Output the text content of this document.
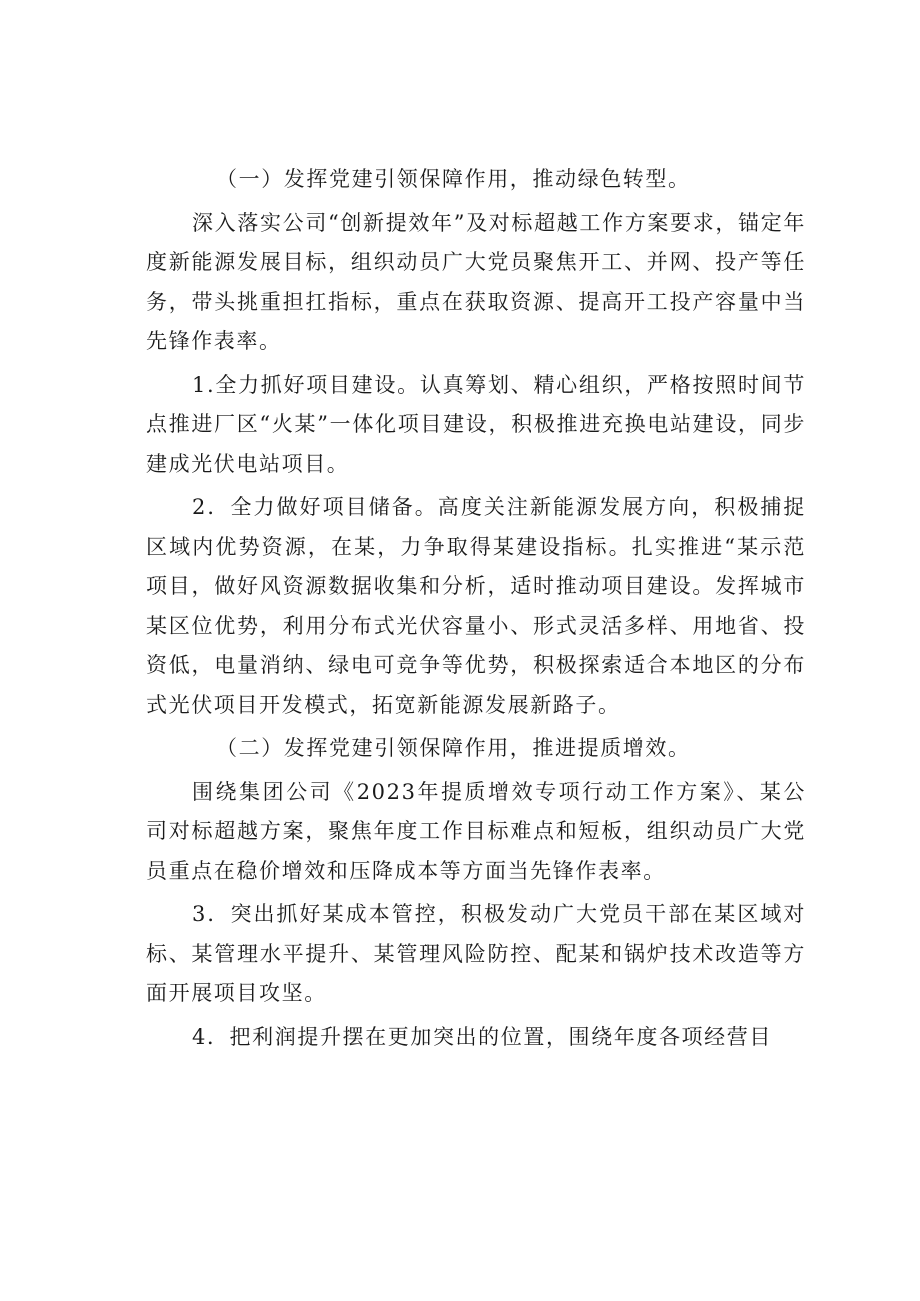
（一）发挥党建引领保障作用，推动绿色转型。

深入落实公司“创新提效年”及对标超越工作方案要求，锚定年度新能源发展目标，组织动员广大党员聚焦开工、并网、投产等任务，带头挑重担扛指标，重点在获取资源、提高开工投产容量中当先锋作表率。

1.全力抓好项目建设。认真筹划、精心组织，严格按照时间节点推进厂区“火某”一体化项目建设，积极推进充换电站建设，同步建成光伏电站项目。

2．全力做好项目储备。高度关注新能源发展方向，积极捕捉区域内优势资源，在某，力争取得某建设指标。扎实推进“某示范项目，做好风资源数据收集和分析，适时推动项目建设。发挥城市某区位优势，利用分布式光伏容量小、形式灵活多样、用地省、投资低，电量消纳、绿电可竞争等优势，积极探索适合本地区的分布式光伏项目开发模式，拓宽新能源发展新路子。

（二）发挥党建引领保障作用，推进提质增效。

围绕集团公司《2023年提质增效专项行动工作方案》、某公司对标超越方案，聚焦年度工作目标难点和短板，组织动员广大党员重点在稳价增效和压降成本等方面当先锋作表率。

3．突出抓好某成本管控，积极发动广大党员干部在某区域对标、某管理水平提升、某管理风险防控、配某和锅炉技术改造等方面开展项目攻坚。

4．把利润提升摆在更加突出的位置，围绕年度各项经营目
